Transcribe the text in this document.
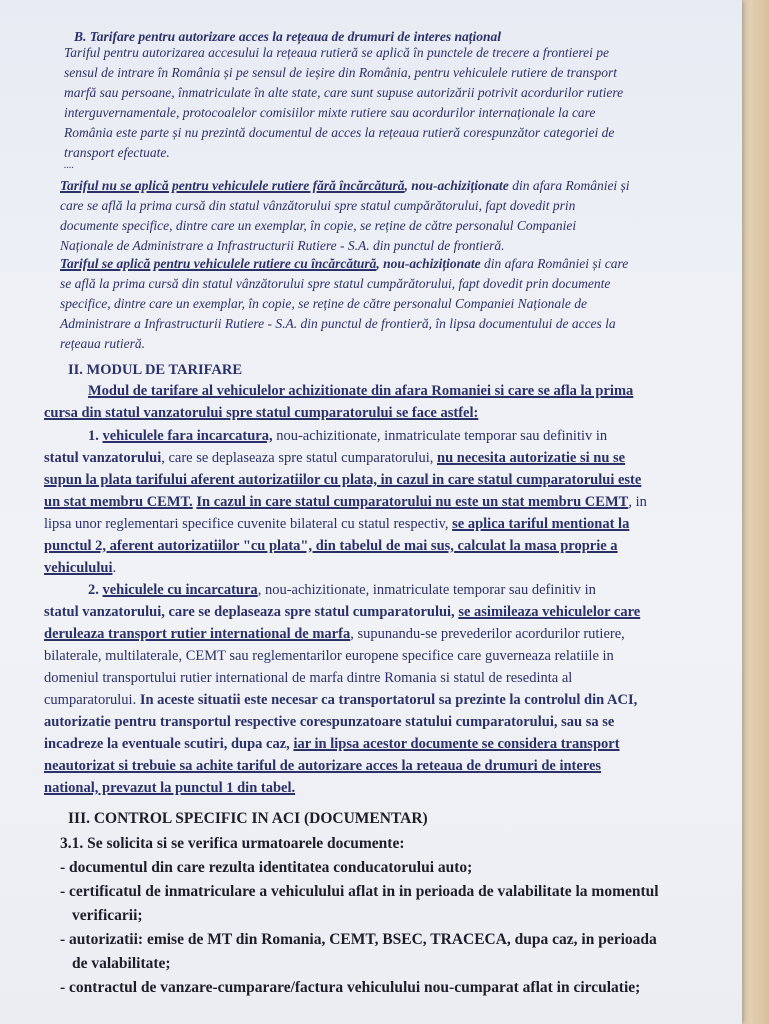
B. Tarifare pentru autorizare acces la rețeaua de drumuri de interes național
Tariful pentru autorizarea accesului la rețeaua rutieră se aplică în punctele de trecere a frontierei pe
sensul de intrare în România și pe sensul de ieșire din România, pentru vehiculele rutiere de transport
marfă sau persoane, înmatriculate în alte state, care sunt supuse autorizării potrivit acordurilor rutiere
interguvernamentale, protocoalelor comisiilor mixte rutiere sau acordurilor internaționale la care
România este parte și nu prezintă documentul de acces la rețeaua rutieră corespunzător categoriei de
transport efectuate.
....
Tariful nu se aplică pentru vehiculele rutiere fără încărcătură, nou-achiziționate din afara României și
care se află la prima cursă din statul vânzătorului spre statul cumpărătorului, fapt dovedit prin
documente specifice, dintre care un exemplar, în copie, se reține de către personalul Companiei
Naționale de Administrare a Infrastructurii Rutiere - S.A. din punctul de frontieră.
Tariful se aplică pentru vehiculele rutiere cu încărcătură, nou-achiziționate din afara României și care
se află la prima cursă din statul vânzătorului spre statul cumpărătorului, fapt dovedit prin documente
specifice, dintre care un exemplar, în copie, se reține de către personalul Companiei Naționale de
Administrare a Infrastructurii Rutiere - S.A. din punctul de frontieră, în lipsa documentului de acces la
rețeaua rutieră.
II. MODUL DE TARIFARE
Modul de tarifare al vehiculelor achizitionate din afara Romaniei si care se afla la prima
cursa din statul vanzatorului spre statul cumparatorului se face astfel:
1. vehiculele fara incarcatura, nou-achizitionate, inmatriculate temporar sau definitiv in
statul vanzatorului, care se deplaseaza spre statul cumparatorului, nu necesita autorizatie si nu se
supun la plata tarifului aferent autorizatiilor cu plata, in cazul in care statul cumparatorului este
un stat membru CEMT. In cazul in care statul cumparatorului nu este un stat membru CEMT, in
lipsa unor reglementari specifice cuvenite bilateral cu statul respectiv, se aplica tariful mentionat la
punctul 2, aferent autorizatiilor "cu plata", din tabelul de mai sus, calculat la masa proprie a
vehiculului.
2. vehiculele cu incarcatura, nou-achizitionate, inmatriculate temporar sau definitiv in
statul vanzatorului, care se deplaseaza spre statul cumparatorului, se asimileaza vehiculelor care
deruleaza transport rutier international de marfa, supunandu-se prevederilor acordurilor rutiere,
bilaterale, multilaterale, CEMT sau reglementarilor europene specifice care guverneaza relatiile in
domeniul transportului rutier international de marfa dintre Romania si statul de resedinta al
cumparatorului. In aceste situatii este necesar ca transportatorul sa prezinte la controlul din ACI,
autorizatie pentru transportul respective corespunzatoare statului cumparatorului, sau sa se
incadreze la eventuale scutiri, dupa caz, iar in lipsa acestor documente se considera transport
neautorizat si trebuie sa achite tariful de autorizare acces la reteaua de drumuri de interes
national, prevazut la punctul 1 din tabel.
III. CONTROL SPECIFIC IN ACI (DOCUMENTAR)
3.1. Se solicita si se verifica urmatoarele documente:
- documentul din care rezulta identitatea conducatorului auto;
- certificatul de inmatriculare a vehiculului aflat in in perioada de valabilitate la momentul
verificarii;
- autorizatii: emise de MT din Romania, CEMT, BSEC, TRACECA, dupa caz, in perioada
de valabilitate;
- contractul de vanzare-cumparare/factura vehiculului nou-cumparat aflat in circulatie;
